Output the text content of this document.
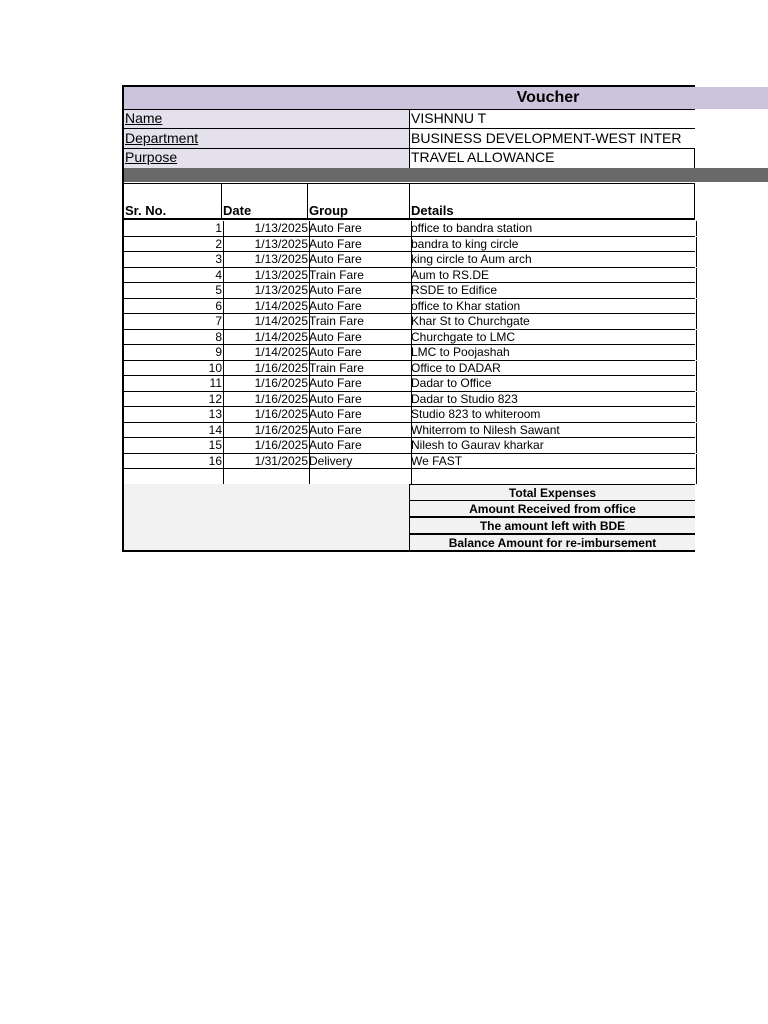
Voucher
Name	VISHNNU T
Department	BUSINESS DEVELOPMENT-WEST INTER
Purpose	TRAVEL ALLOWANCE
Sr. No.	Date	Group	Details
1	1/13/2025 Auto Fare	office to bandra station
2	1/13/2025 Auto Fare	bandra to king circle
3	1/13/2025 Auto Fare	king circle to Aum arch
4	1/13/2025 Train Fare	Aum to RS.DE
5	1/13/2025 Auto Fare	RSDE to Edifice
6	1/14/2025 Auto Fare	office to Khar station
7	1/14/2025 Train Fare	Khar St to Churchgate
8	1/14/2025 Auto Fare	Churchgate to LMC
9	1/14/2025 Auto Fare	LMC to Poojashah
10	1/16/2025 Train Fare	Office to DADAR
11	1/16/2025 Auto Fare	Dadar to Office
12	1/16/2025 Auto Fare	Dadar to Studio 823
13	1/16/2025 Auto Fare	Studio 823 to whiteroom
14	1/16/2025 Auto Fare	Whiterrom to Nilesh Sawant
15	1/16/2025 Auto Fare	Nilesh to Gaurav kharkar
16	1/31/2025 Delivery	We FAST
Total Expenses
Amount Received from office
The amount left with BDE
Balance Amount for re-imbursement
